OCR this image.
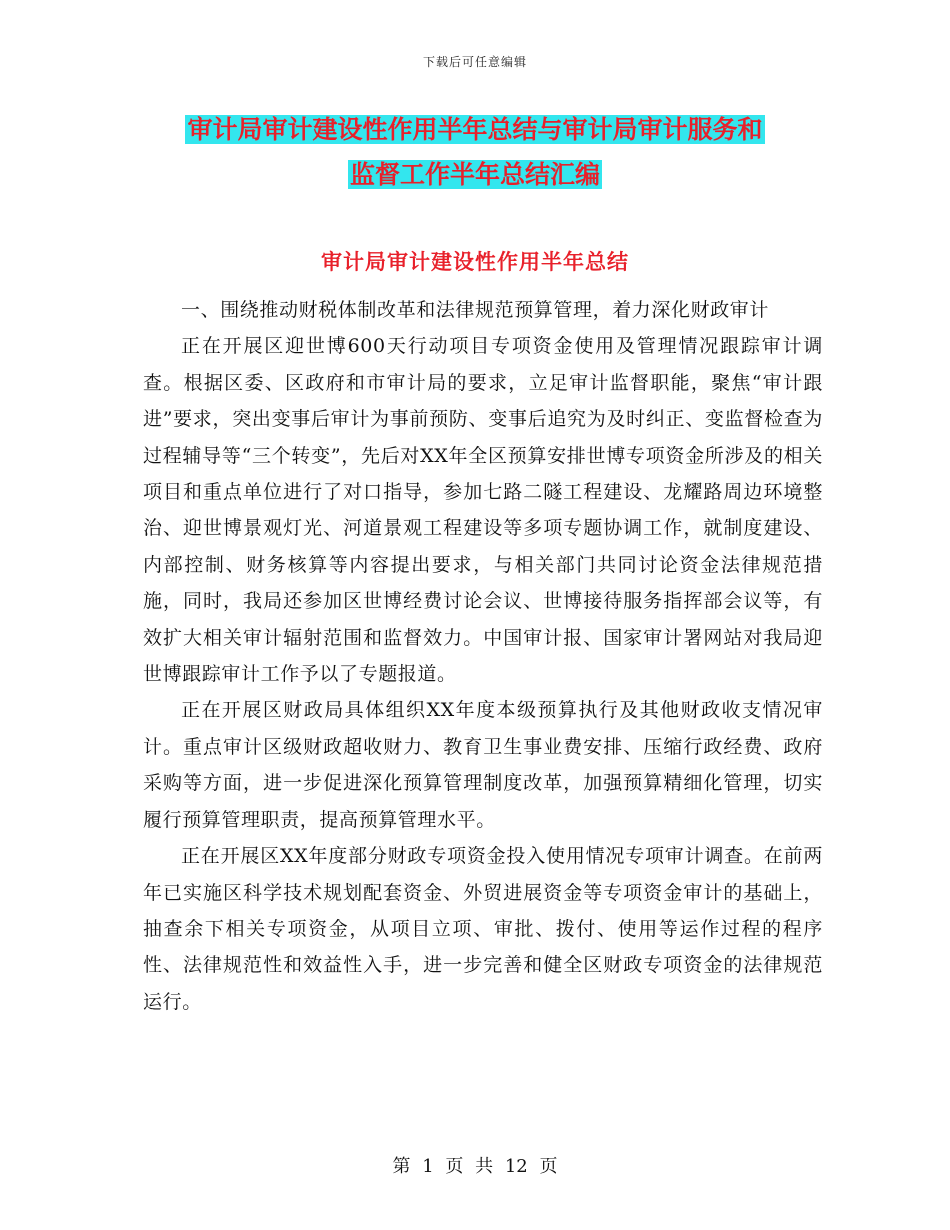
下载后可任意编辑
审计局审计建设性作用半年总结与审计局审计服务和
监督工作半年总结汇编
审计局审计建设性作用半年总结

一、围绕推动财税体制改革和法律规范预算管理，着力深化财政审计

正在开展区迎世博600天行动项目专项资金使用及管理情况跟踪审计调查。根据区委、区政府和市审计局的要求，立足审计监督职能，聚焦“审计跟进”要求，突出变事后审计为事前预防、变事后追究为及时纠正、变监督检查为过程辅导等“三个转变”，先后对XX年全区预算安排世博专项资金所涉及的相关项目和重点单位进行了对口指导，参加七路二隧工程建设、龙耀路周边环境整治、迎世博景观灯光、河道景观工程建设等多项专题协调工作，就制度建设、内部控制、财务核算等内容提出要求，与相关部门共同讨论资金法律规范措施，同时，我局还参加区世博经费讨论会议、世博接待服务指挥部会议等，有效扩大相关审计辐射范围和监督效力。中国审计报、国家审计署网站对我局迎世博跟踪审计工作予以了专题报道。

正在开展区财政局具体组织XX年度本级预算执行及其他财政收支情况审计。重点审计区级财政超收财力、教育卫生事业费安排、压缩行政经费、政府采购等方面，进一步促进深化预算管理制度改革，加强预算精细化管理，切实履行预算管理职责，提高预算管理水平。

正在开展区XX年度部分财政专项资金投入使用情况专项审计调查。在前两年已实施区科学技术规划配套资金、外贸进展资金等专项资金审计的基础上，抽查余下相关专项资金，从项目立项、审批、拨付、使用等运作过程的程序性、法律规范性和效益性入手，进一步完善和健全区财政专项资金的法律规范运行。

第 1 页 共 12 页
